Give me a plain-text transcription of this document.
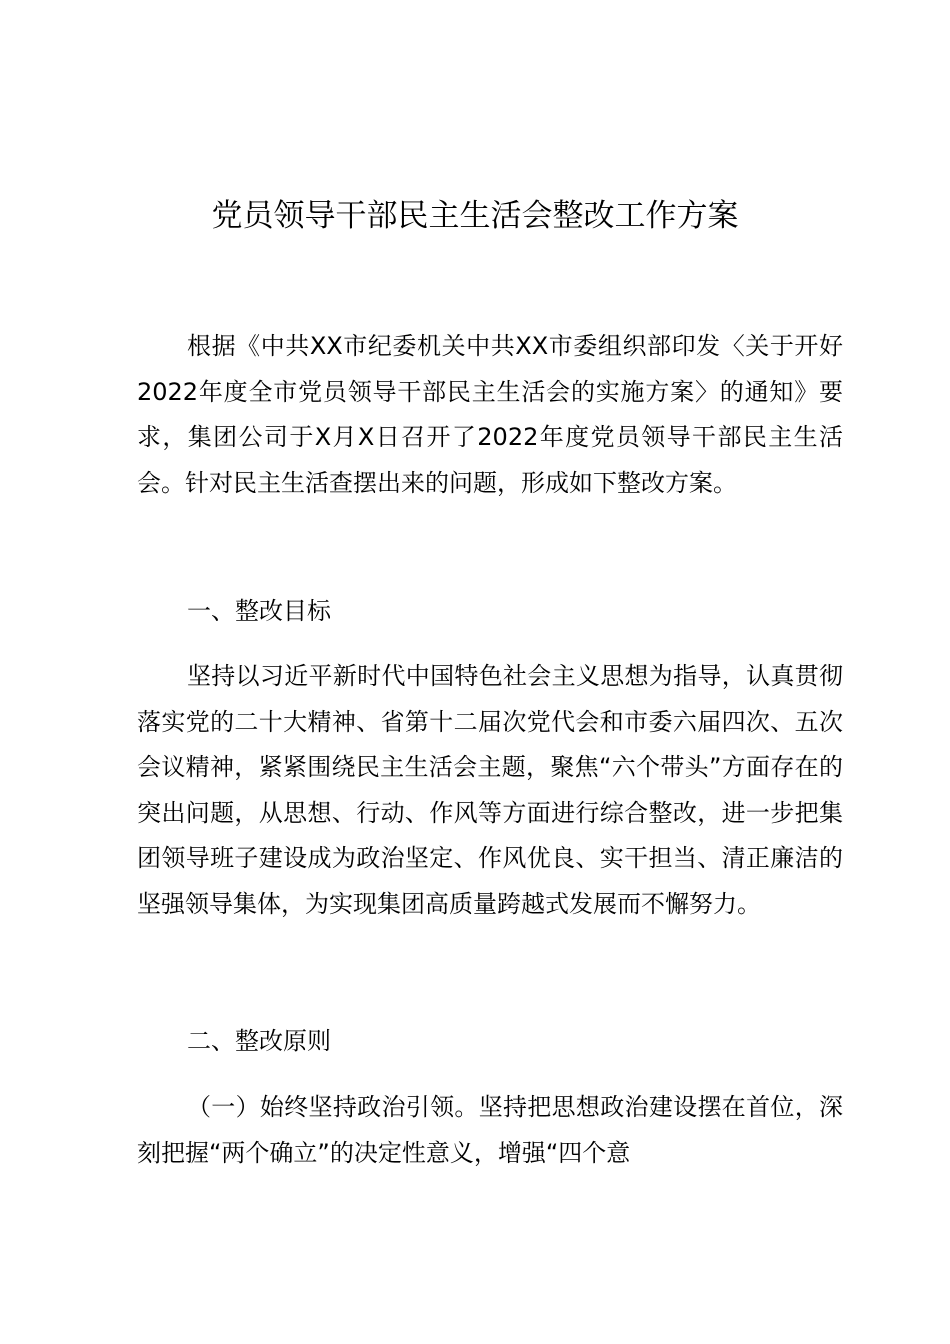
党员领导干部民主生活会整改工作方案

根据《中共XX市纪委机关中共XX市委组织部印发〈关于开好2022年度全市党员领导干部民主生活会的实施方案〉的通知》要求，集团公司于X月X日召开了2022年度党员领导干部民主生活会。针对民主生活查摆出来的问题，形成如下整改方案。

一、整改目标

坚持以习近平新时代中国特色社会主义思想为指导，认真贯彻落实党的二十大精神、省第十二届次党代会和市委六届四次、五次会议精神，紧紧围绕民主生活会主题，聚焦“六个带头”方面存在的突出问题，从思想、行动、作风等方面进行综合整改，进一步把集团领导班子建设成为政治坚定、作风优良、实干担当、清正廉洁的坚强领导集体，为实现集团高质量跨越式发展而不懈努力。

二、整改原则

（一）始终坚持政治引领。坚持把思想政治建设摆在首位，深刻把握“两个确立”的决定性意义，增强“四个意
